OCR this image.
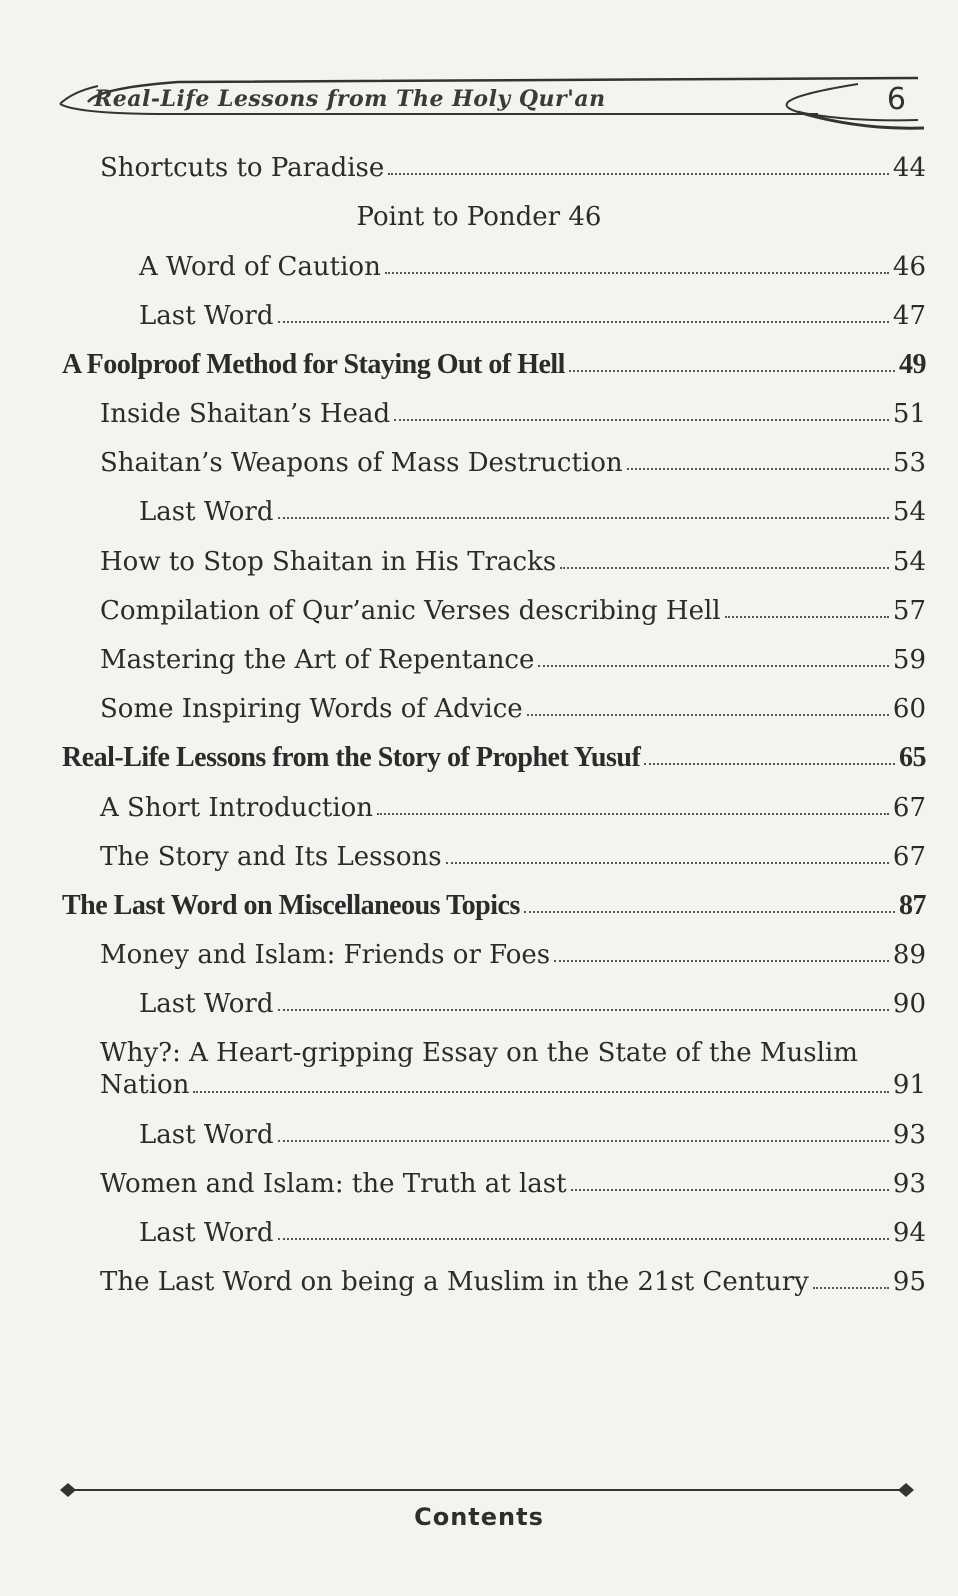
Real-Life Lessons from The Holy Qur'an	6
Shortcuts to Paradise	44
Point to Ponder 46
A Word of Caution	46
Last Word	47
A Foolproof Method for Staying Out of Hell	49
Inside Shaitan’s Head	51
Shaitan’s Weapons of Mass Destruction	53
Last Word	54
How to Stop Shaitan in His Tracks	54
Compilation of Qur’anic Verses describing Hell	57
Mastering the Art of Repentance	59
Some Inspiring Words of Advice	60
Real-Life Lessons from the Story of Prophet Yusuf	65
A Short Introduction	67
The Story and Its Lessons	67
The Last Word on Miscellaneous Topics	87
Money and Islam: Friends or Foes	89
Last Word	90
Why?: A Heart-gripping Essay on the State of the Muslim
Nation	91
Last Word	93
Women and Islam: the Truth at last	93
Last Word	94
The Last Word on being a Muslim in the 21st Century	95
Contents
